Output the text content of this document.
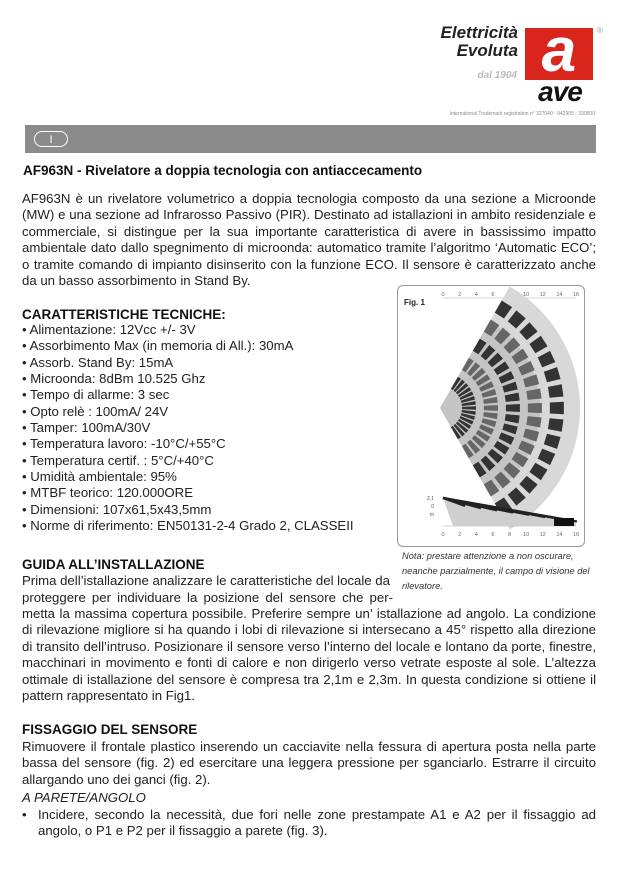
Elettricità
Evoluta
dal 1904 a
ave
®
International Trademark registration n° 327040 - 942905 - 330600
I
AF963N - Rivelatore a doppia tecnologia con antiaccecamento
AF963N è un rivelatore volumetrico a doppia tecnologia composto da una sezione a Microonde (MW) e una sezione ad Infrarosso Passivo (PIR). Destinato ad istallazioni in ambito residenziale e commerciale, si distingue per la sua importante caratteristica di avere in bassissimo impatto ambientale dato dallo spegnimento di microonda: automatico tramite l’algoritmo ‘Automatic ECO’; o tramite comando di impianto disinserito con la funzione ECO. Il sensore è caratterizzato anche da un basso assorbimento in Stand By.
CARATTERISTICHE TECNICHE:
• Alimentazione: 12Vcc +/- 3V
• Assorbimento Max (in memoria di All.): 30mA
• Assorb. Stand By: 15mA
• Microonda: 8dBm 10.525 Ghz
• Tempo di allarme: 3 sec
• Opto relè : 100mA/ 24V
• Tamper: 100mA/30V
• Temperatura lavoro: -10°C/+55°C
• Temperatura certif. : 5°C/+40°C
• Umidità ambientale: 95%
• MTBF teorico: 120.000ORE
• Dimensioni: 107x61,5x43,5mm
• Norme di riferimento: EN50131-2-4 Grado 2, CLASSEII
Fig. 1
0 2 4 6	10 12 14 16
2.1
0
m
0 2 4 6 8 10 12 14 16
Nota: prestare attenzione a non oscurare, neanche parzialmente, il campo di visione del rilevatore.
GUIDA ALL’INSTALLAZIONE
Prima dell’istallazione analizzare le caratteristiche del locale da
proteggere per individuare la posizione del sensore che per-
metta la massima copertura possibile. Preferire sempre un’ istallazione ad angolo. La condizione di rilevazione migliore si ha quando i lobi di rilevazione si intersecano a 45° rispetto alla direzione di transito dell’intruso. Posizionare il sensore verso l’interno del locale e lontano da porte, finestre, macchinari in movimento e fonti di calore e non dirigerlo verso vetrate esposte al sole. L’altezza ottimale di istallazione del sensore è compresa tra 2,1m e 2,3m. In questa condizione si ottiene il pattern rappresentato in Fig1.
FISSAGGIO DEL SENSORE
Rimuovere il frontale plastico inserendo un cacciavite nella fessura di apertura posta nella parte bassa del sensore (fig. 2) ed esercitare una leggera pressione per sganciarlo. Estrarre il circuito allargando uno dei ganci (fig. 2).
A PARETE/ANGOLO
• Incidere, secondo la necessità, due fori nelle zone prestampate A1 e A2 per il fissaggio ad angolo, o P1 e P2 per il fissaggio a parete (fig. 3).
